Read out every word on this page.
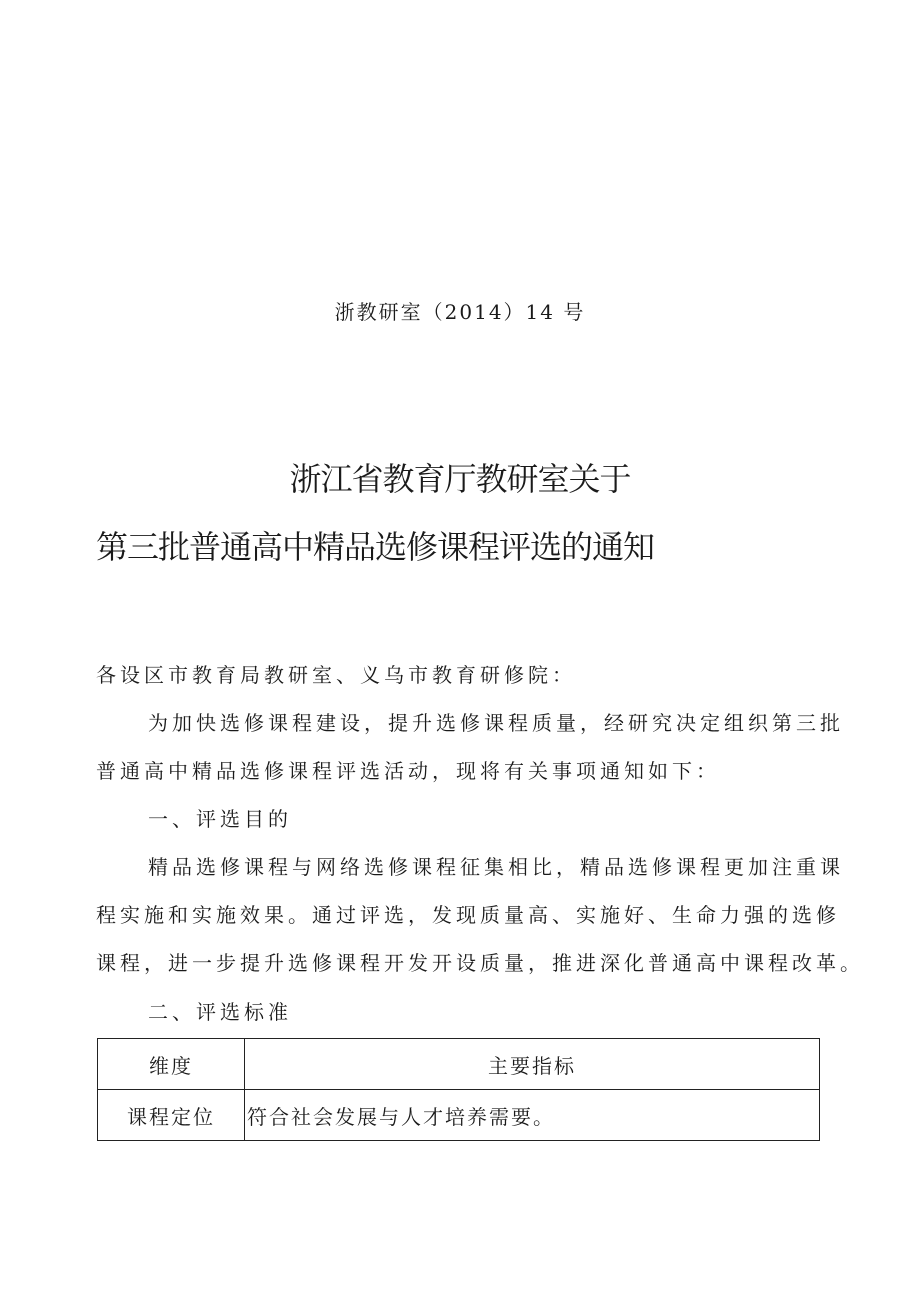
浙教研室（2014）14 号
浙江省教育厅教研室关于
第三批普通高中精品选修课程评选的通知
各设区市教育局教研室、义乌市教育研修院：
为加快选修课程建设，提升选修课程质量，经研究决定组织第三批
普通高中精品选修课程评选活动，现将有关事项通知如下：
一、评选目的
精品选修课程与网络选修课程征集相比，精品选修课程更加注重课
程实施和实施效果。通过评选，发现质量高、实施好、生命力强的选修
课程，进一步提升选修课程开发开设质量，推进深化普通高中课程改革。
二、评选标准
维度	主要指标
课程定位	符合社会发展与人才培养需要。
